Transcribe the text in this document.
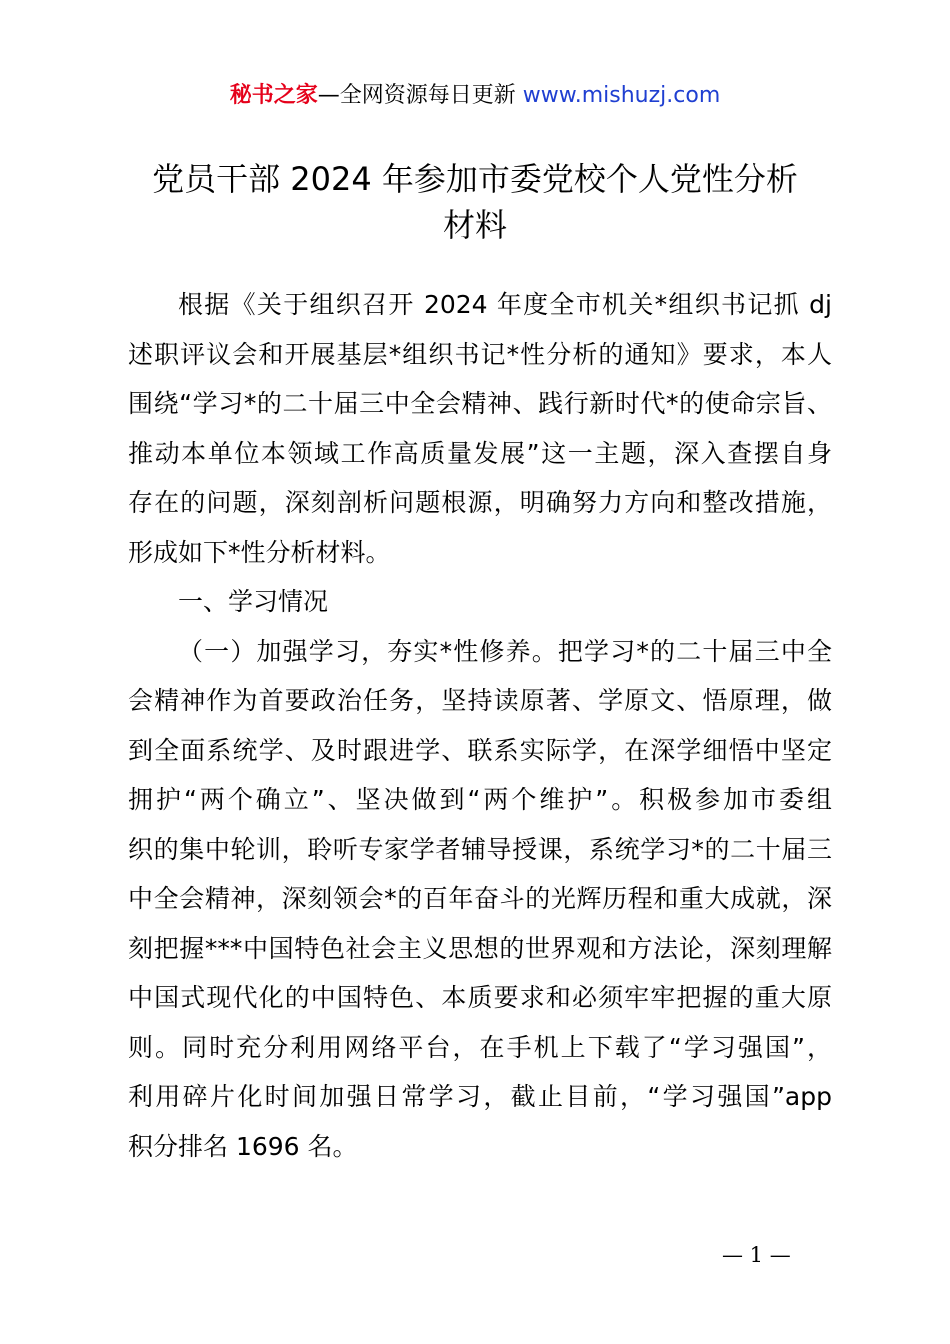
秘书之家—全网资源每日更新 www.mishuzj.com
党员干部 2024 年参加市委党校个人党性分析
材料
根据《关于组织召开 2024 年度全市机关*组织书记抓 dj
述职评议会和开展基层*组织书记*性分析的通知》要求，本人
围绕“学习*的二十届三中全会精神、践行新时代*的使命宗旨、
推动本单位本领域工作高质量发展”这一主题，深入查摆自身
存在的问题，深刻剖析问题根源，明确努力方向和整改措施，
形成如下*性分析材料。
一、学习情况
（一）加强学习，夯实*性修养。把学习*的二十届三中全
会精神作为首要政治任务，坚持读原著、学原文、悟原理，做
到全面系统学、及时跟进学、联系实际学，在深学细悟中坚定
拥护“两个确立”、坚决做到“两个维护”。积极参加市委组
织的集中轮训，聆听专家学者辅导授课，系统学习*的二十届三
中全会精神，深刻领会*的百年奋斗的光辉历程和重大成就，深
刻把握***中国特色社会主义思想的世界观和方法论，深刻理解
中国式现代化的中国特色、本质要求和必须牢牢把握的重大原
则。同时充分利用网络平台，在手机上下载了“学习强国”，
利用碎片化时间加强日常学习，截止目前，“学习强国”app
积分排名 1696 名。
— 1 —
